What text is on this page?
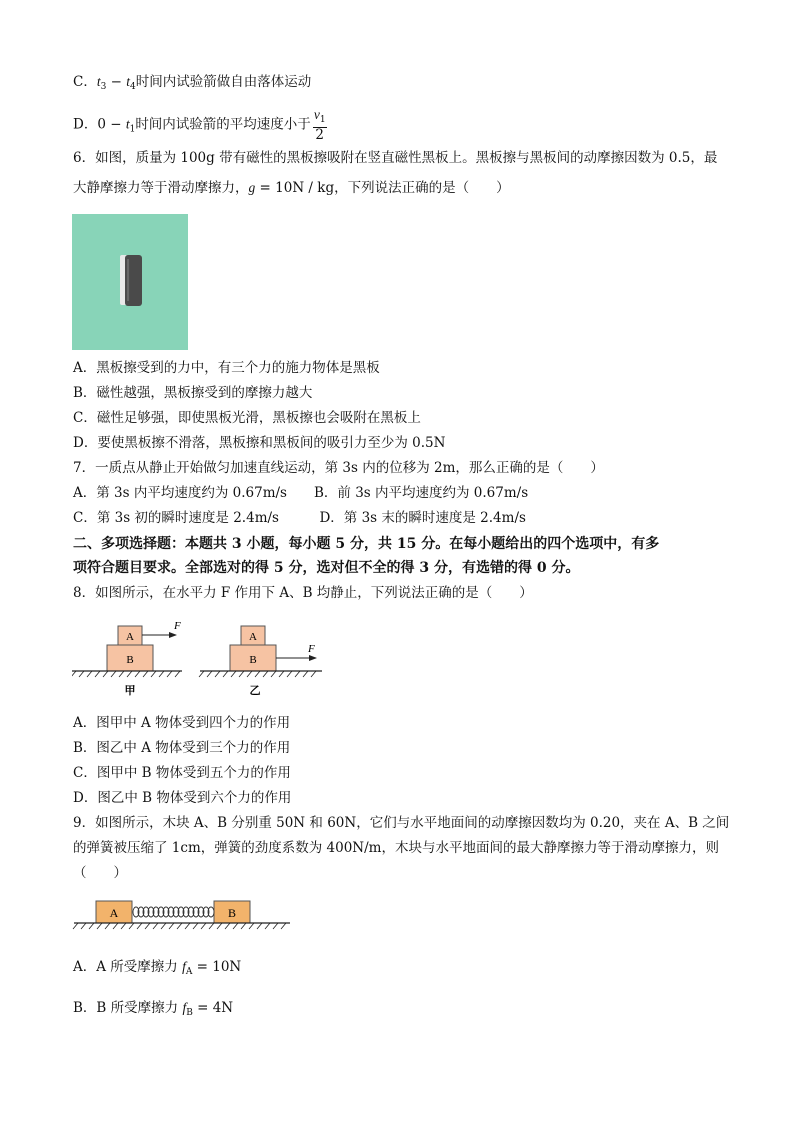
C．$t_3 - t_4$时间内试验箭做自由落体运动
D．$0 - t_1$时间内试验箭的平均速度小于 $\frac{v_1}{2}$
6．如图，质量为 100g 带有磁性的黑板擦吸附在竖直磁性黑板上。黑板擦与黑板间的动摩擦因数为 0.5，最
大静摩擦力等于滑动摩擦力，g = 10N / kg，下列说法正确的是（　　）
A．黑板擦受到的力中，有三个力的施力物体是黑板
B．磁性越强，黑板擦受到的摩擦力越大
C．磁性足够强，即使黑板光滑，黑板擦也会吸附在黑板上
D．要使黑板擦不滑落，黑板擦和黑板间的吸引力至少为 0.5N
7．一质点从静止开始做匀加速直线运动，第 3s 内的位移为 2m，那么正确的是（　　）
A．第 3s 内平均速度约为 0.67m/s　　B．前 3s 内平均速度约为 0.67m/s
C．第 3s 初的瞬时速度是 2.4m/s　　　D．第 3s 末的瞬时速度是 2.4m/s
二、多项选择题：本题共 3 小题，每小题 5 分，共 15 分。在每小题给出的四个选项中，有多
项符合题目要求。全部选对的得 5 分，选对但不全的得 3 分，有选错的得 0 分。
8．如图所示，在水平力 F 作用下 A、B 均静止，下列说法正确的是（　　）
A
B
F
甲
A
B
F
乙
A．图甲中 A 物体受到四个力的作用
B．图乙中 A 物体受到三个力的作用
C．图甲中 B 物体受到五个力的作用
D．图乙中 B 物体受到六个力的作用
9．如图所示，木块 A、B 分别重 50N 和 60N，它们与水平地面间的动摩擦因数均为 0.20，夹在 A、B 之间
的弹簧被压缩了 1cm，弹簧的劲度系数为 400N/m，木块与水平地面间的最大静摩擦力等于滑动摩擦力，则
（　　）
A	B
A．A 所受摩擦力 $f_A = 10N$
B．B 所受摩擦力 $f_B = 4N$
